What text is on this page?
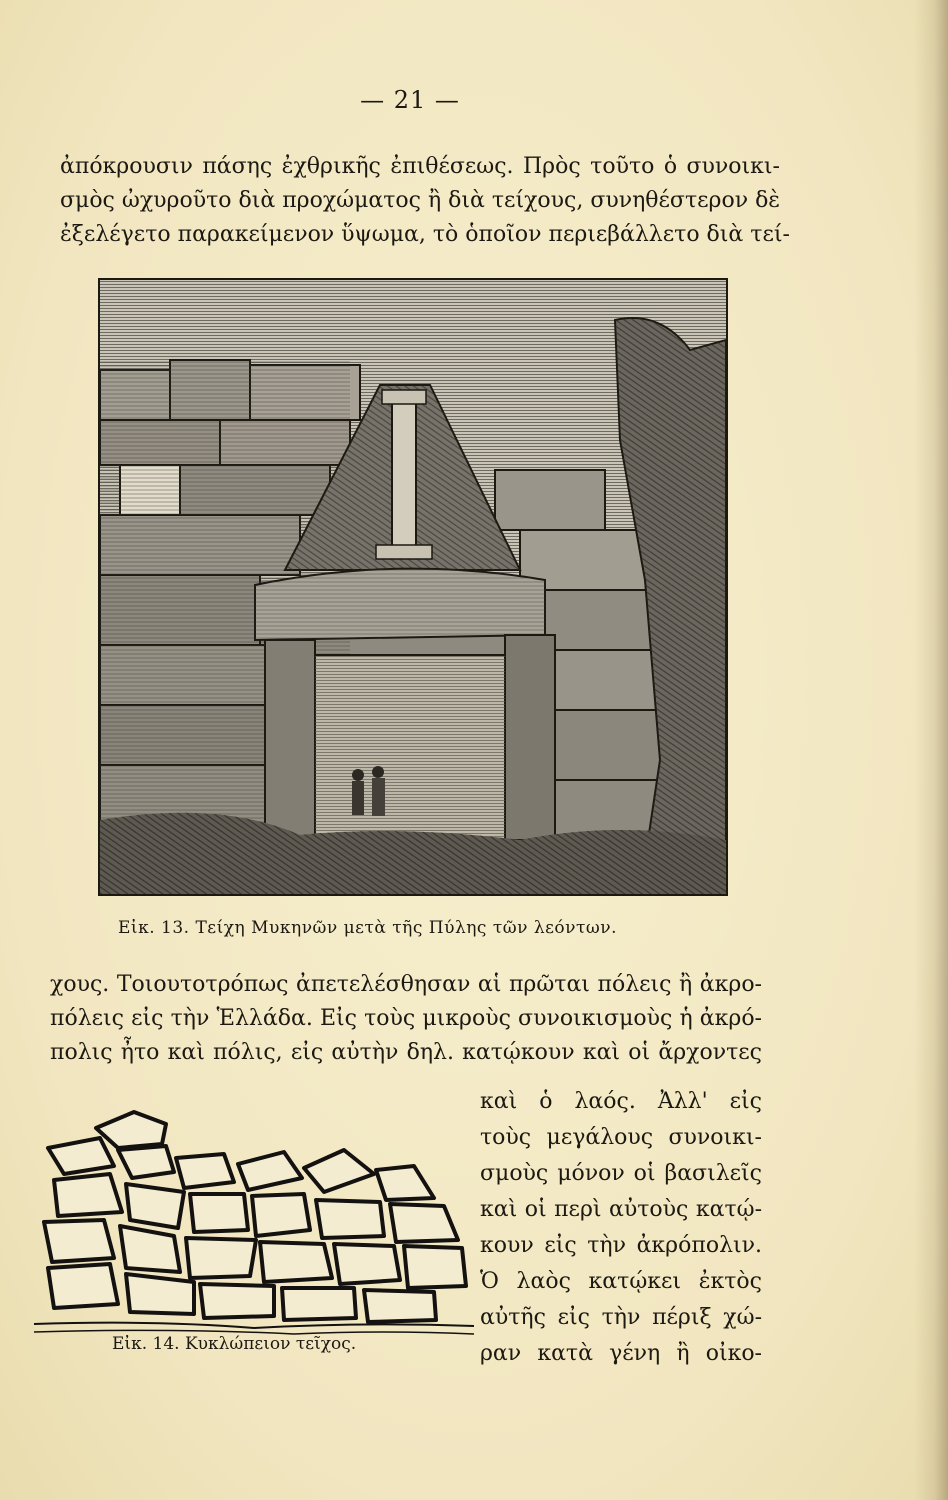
— 21 —
ἀπόκρουσιν πάσης ἐχθρικῆς ἐπιθέσεως. Πρὸς τοῦτο ὁ συνοικι-
σμὸς ὠχυροῦτο διὰ προχώματος ἢ διὰ τείχους, συνηθέστερον δὲ
ἐξελέγετο παρακείμενον ὕψωμα, τὸ ὁποῖον περιεβάλλετο διὰ τεί-
Εἰκ. 13. Τείχη Μυκηνῶν μετὰ τῆς Πύλης τῶν λεόντων.
χους. Τοιουτοτρόπως ἀπετελέσθησαν αἱ πρῶται πόλεις ἢ ἀκρο-
πόλεις εἰς τὴν Ἑλλάδα. Εἰς τοὺς μικροὺς συνοικισμοὺς ἡ ἀκρό-
πολις ἦτο καὶ πόλις, εἰς αὐτὴν δηλ. κατῴκουν καὶ οἱ ἄρχοντες
Εἰκ. 14. Κυκλώπειον τεῖχος.
καὶ ὁ λαός. Ἀλλ' εἰς
τοὺς μεγάλους συνοικι-
σμοὺς μόνον οἱ βασιλεῖς
καὶ οἱ περὶ αὐτοὺς κατῴ-
κουν εἰς τὴν ἀκρόπολιν.
Ὁ λαὸς κατῴκει ἐκτὸς
αὐτῆς εἰς τὴν πέριξ χώ-
ραν κατὰ γένη ἢ οἰκο-
